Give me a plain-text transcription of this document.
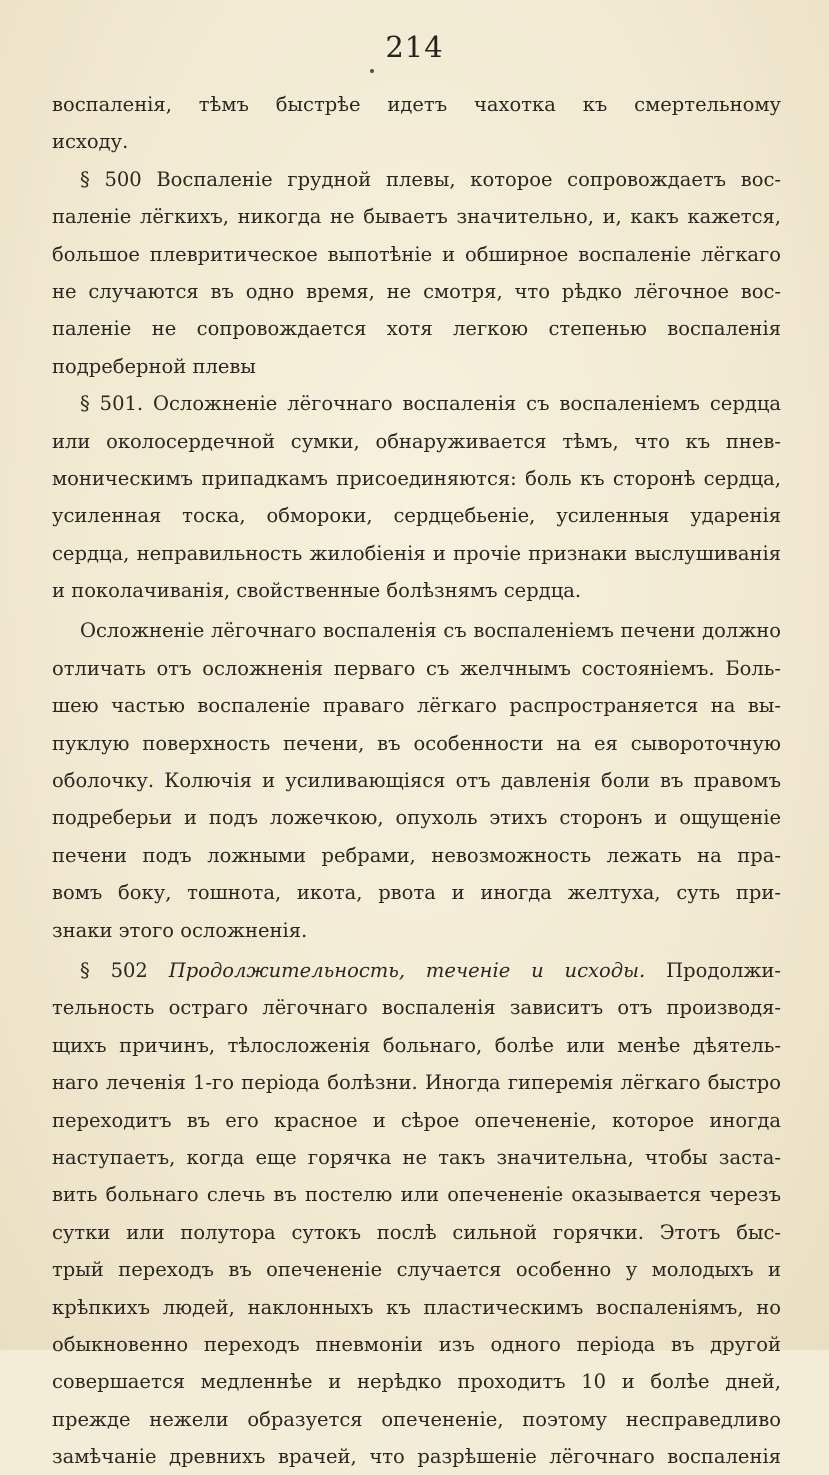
214
воспаленія, тѣмъ быстрѣе идетъ чахотка къ смертельному
исходу.
§ 500 Воспаленіе грудной плевы, которое сопровождаетъ вос-
паленіе лёгкихъ, никогда не бываетъ значительно, и, какъ кажется,
большое плевритическое выпотѣніе и обширное воспаленіе лёгкаго
не случаются въ одно время, не смотря, что рѣдко лёгочное вос-
паленіе не сопровождается хотя легкою степенью воспаленія
подреберной плевы
§ 501. Осложненіе лёгочнаго воспаленія съ воспаленіемъ сердца
или околосердечной сумки, обнаруживается тѣмъ, что къ пнев-
моническимъ припадкамъ присоединяются: боль къ сторонѣ сердца,
усиленная тоска, обмороки, сердцебьеніе, усиленныя ударенія
сердца, неправильность жилобіенія и прочіе признаки выслушиванія
и поколачиванія, свойственные болѣзнямъ сердца.
Осложненіе лёгочнаго воспаленія съ воспаленіемъ печени должно
отличать отъ осложненія перваго съ желчнымъ состояніемъ. Боль-
шею частью воспаленіе праваго лёгкаго распространяется на вы-
пуклую поверхность печени, въ особенности на ея сывороточную
оболочку. Колючія и усиливающіяся отъ давленія боли въ правомъ
подреберьи и подъ ложечкою, опухоль этихъ сторонъ и ощущеніе
печени подъ ложными ребрами, невозможность лежать на пра-
вомъ боку, тошнота, икота, рвота и иногда желтуха, суть при-
знаки этого осложненія.
§ 502 Продолжительность, теченіе и исходы. Продолжи-
тельность остраго лёгочнаго воспаленія зависитъ отъ производя-
щихъ причинъ, тѣлосложенія больнаго, болѣе или менѣе дѣятель-
наго леченія 1-го періода болѣзни. Иногда гиперемія лёгкаго быстро
переходитъ въ его красное и сѣрое опечененіе, которое иногда
наступаетъ, когда еще горячка не такъ значительна, чтобы заста-
вить больнаго слечь въ постелю или опечененіе оказывается черезъ
сутки или полутора сутокъ послѣ сильной горячки. Этотъ быс-
трый переходъ въ опечененіе случается особенно у молодыхъ и
крѣпкихъ людей, наклонныхъ къ пластическимъ воспаленіямъ, но
обыкновенно переходъ пневмоніи изъ одного періода въ другой
совершается медленнѣе и нерѣдко проходитъ 10 и болѣе дней,
прежде нежели образуется опечененіе, поэтому несправедливо
замѣчаніе древнихъ врачей, что разрѣшеніе лёгочнаго воспаленія
